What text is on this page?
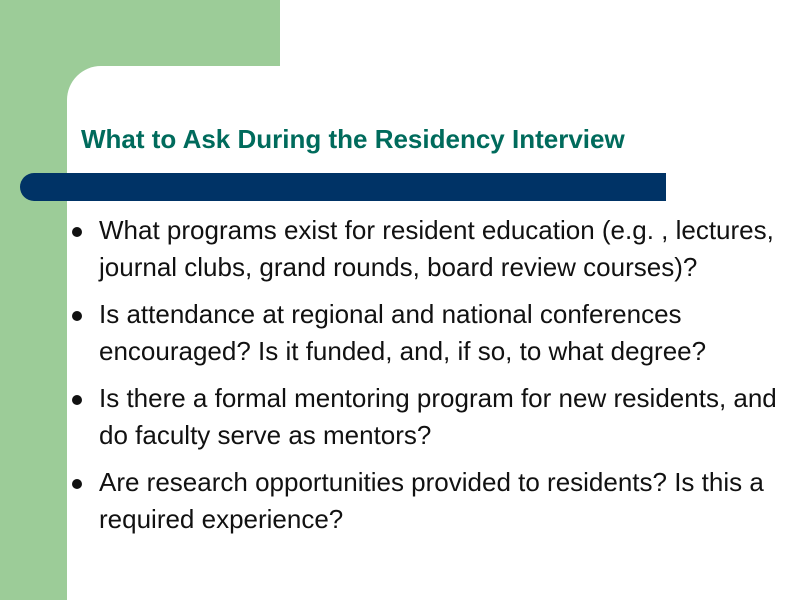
What to Ask During the Residency Interview
What programs exist for resident education (e.g. , lectures, journal clubs, grand rounds, board review courses)?
Is attendance at regional and national conferences encouraged? Is it funded, and, if so, to what degree?
Is there a formal mentoring program for new residents, and do faculty serve as mentors?
Are research opportunities provided to residents? Is this a required experience?
